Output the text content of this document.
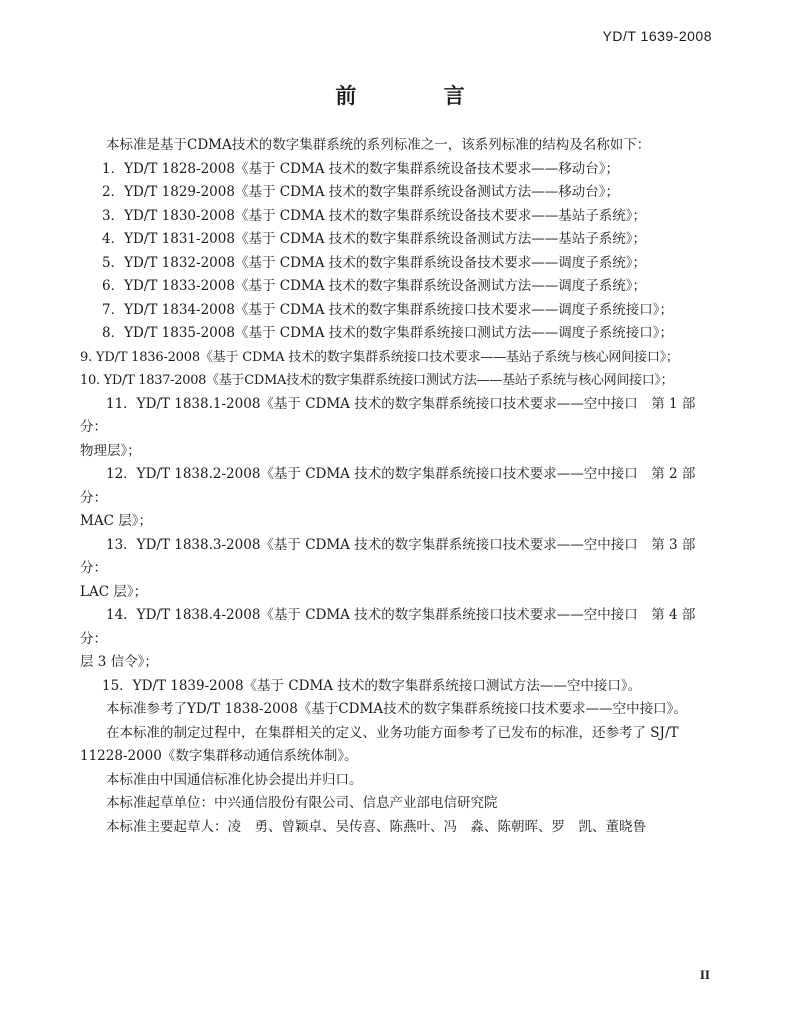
YD/T 1639-2008
前 言

本标准是基于CDMA技术的数字集群系统的系列标准之一，该系列标准的结构及名称如下：

1．YD/T 1828-2008《基于 CDMA 技术的数字集群系统设备技术要求——移动台》；

2．YD/T 1829-2008《基于 CDMA 技术的数字集群系统设备测试方法——移动台》；

3．YD/T 1830-2008《基于 CDMA 技术的数字集群系统设备技术要求——基站子系统》；

4．YD/T 1831-2008《基于 CDMA 技术的数字集群系统设备测试方法——基站子系统》；

5．YD/T 1832-2008《基于 CDMA 技术的数字集群系统设备技术要求——调度子系统》；

6．YD/T 1833-2008《基于 CDMA 技术的数字集群系统设备测试方法——调度子系统》；

7．YD/T 1834-2008《基于 CDMA 技术的数字集群系统接口技术要求——调度子系统接口》；

8．YD/T 1835-2008《基于 CDMA 技术的数字集群系统接口测试方法——调度子系统接口》；

9. YD/T 1836-2008《基于 CDMA 技术的数字集群系统接口技术要求——基站子系统与核心网间接口》；

10. YD/T 1837-2008《基于CDMA技术的数字集群系统接口测试方法——基站子系统与核心网间接口》；

11．YD/T 1838.1-2008《基于 CDMA 技术的数字集群系统接口技术要求——空中接口　第 1 部分：
物理层》；

12．YD/T 1838.2-2008《基于 CDMA 技术的数字集群系统接口技术要求——空中接口　第 2 部分：
MAC 层》；

13．YD/T 1838.3-2008《基于 CDMA 技术的数字集群系统接口技术要求——空中接口　第 3 部分：
LAC 层》；

14．YD/T 1838.4-2008《基于 CDMA 技术的数字集群系统接口技术要求——空中接口　第 4 部分：
层 3 信令》；

15．YD/T 1839-2008《基于 CDMA 技术的数字集群系统接口测试方法——空中接口》。

本标准参考了YD/T 1838-2008《基于CDMA技术的数字集群系统接口技术要求——空中接口》。

在本标准的制定过程中，在集群相关的定义、业务功能方面参考了已发布的标准，还参考了 SJ/T 11228-2000《数字集群移动通信系统体制》。

本标准由中国通信标准化协会提出并归口。

本标准起草单位：中兴通信股份有限公司、信息产业部电信研究院

本标准主要起草人：凌　勇、曾颖卓、吴传喜、陈燕叶、冯　淼、陈朝晖、罗　凯、董晓鲁

II
